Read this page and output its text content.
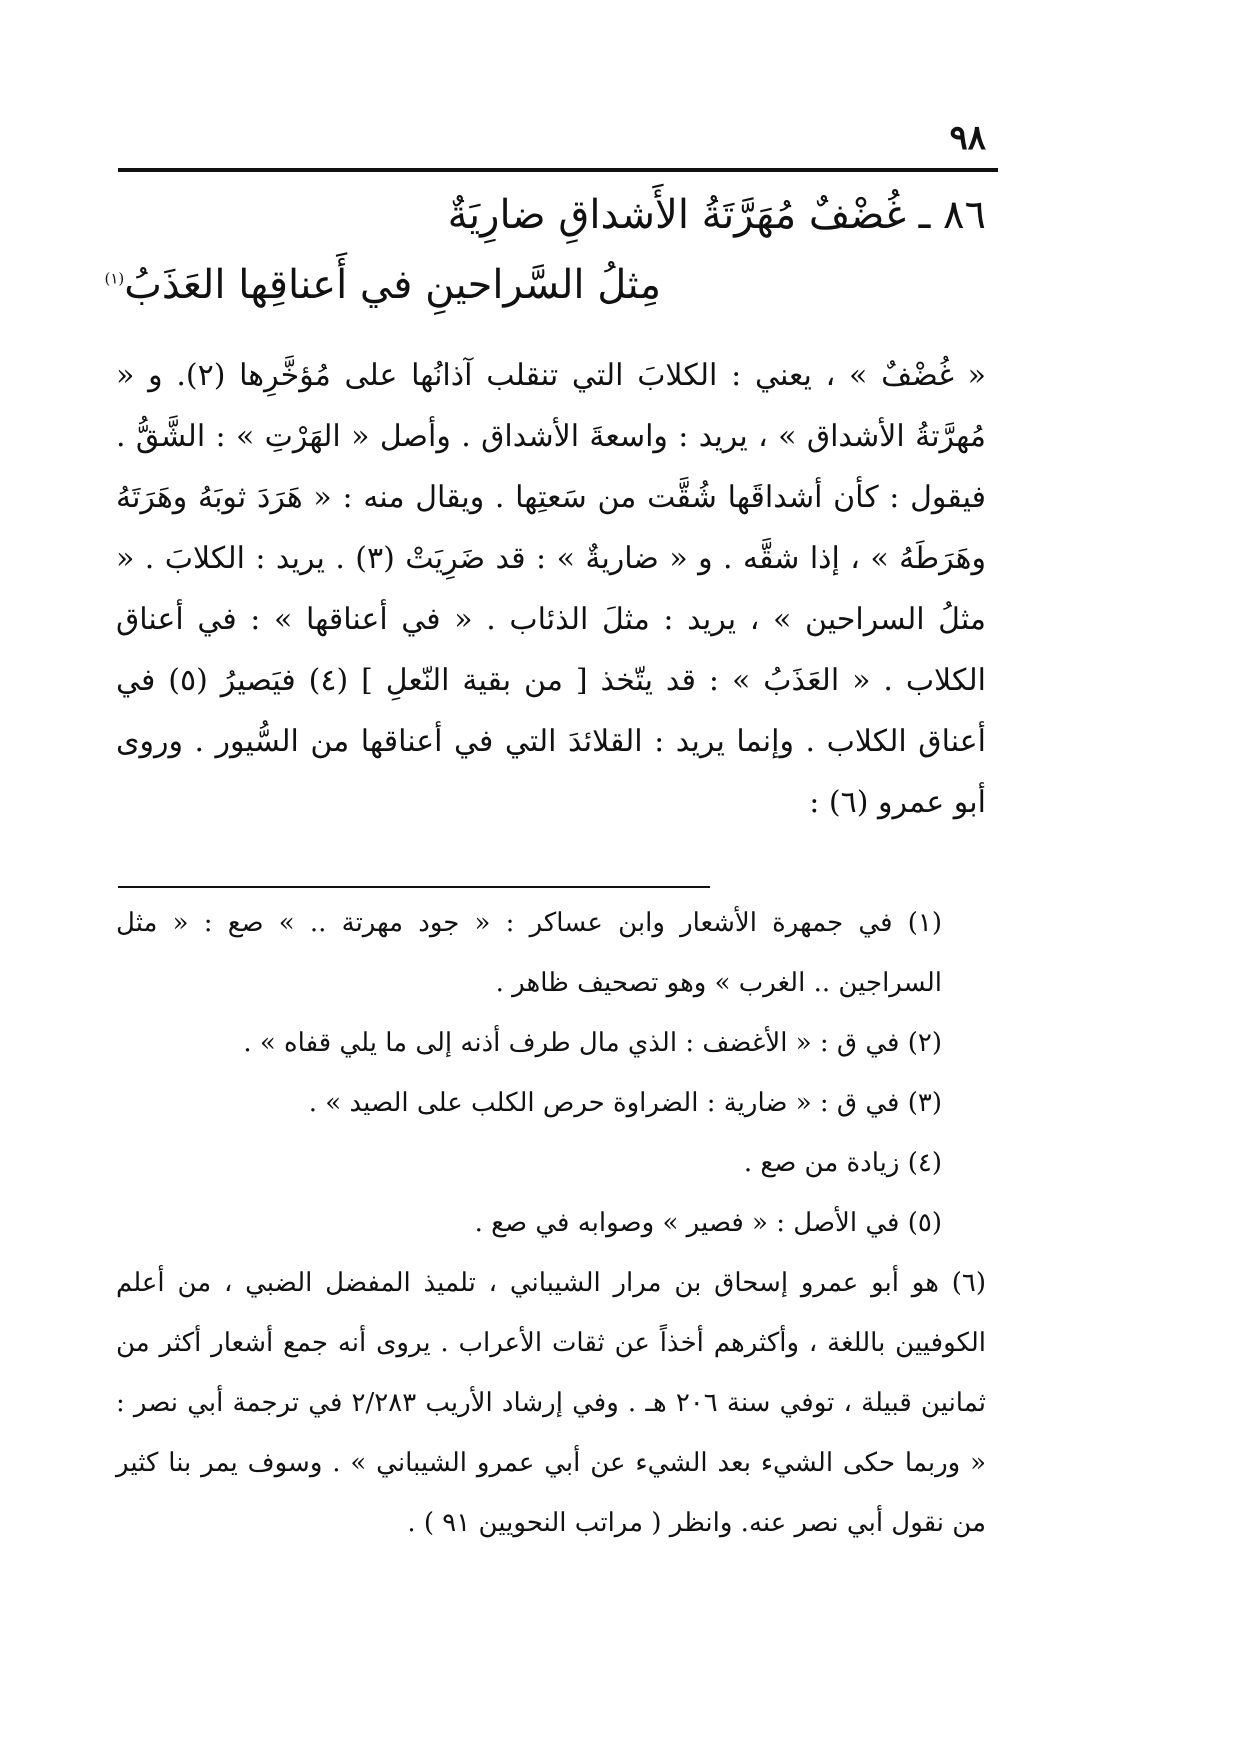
٩٨
٨٦ ـ غُضْفٌ مُهَرَّتَةُ الأَشداقِ ضارِيَةٌ
مِثلُ السَّراحينِ في أَعناقِها العَذَبُ$^{(١)}$

« غُضْفٌ » ، يعني : الكلابَ التي تنقلب آذانُها على مُؤخَّرِها (٢). و « مُهرَّتةُ الأشداق » ، يريد : واسعةَ الأشداق . وأصل « الهَرْتِ » : الشَّقُّ . فيقول : كأن أشداقَها شُقَّت من سَعتِها . ويقال منه : « هَرَدَ ثوبَهُ وهَرَتَهُ وهَرَطَهُ » ، إذا شقَّه . و « ضاريةٌ » : قد ضَرِيَتْ (٣) . يريد : الكلابَ . « مثلُ السراحين » ، يريد : مثلَ الذئاب . « في أعناقها » : في أعناق الكلاب . « العَذَبُ » : قد يتّخذ [ من بقية النّعلِ ] (٤) فيَصيرُ (٥) في أعناق الكلاب . وإنما يريد : القلائدَ التي في أعناقها من السُّيور . وروى أبو عمرو (٦) :

(١) في جمهرة الأشعار وابن عساكر : « جود مهرتة .. » صع : « مثل السراجين .. الغرب » وهو تصحيف ظاهر .

(٢) في ق : « الأغضف : الذي مال طرف أذنه إلى ما يلي قفاه » .

(٣) في ق : « ضارية : الضراوة حرص الكلب على الصيد » .

(٤) زيادة من صع .

(٥) في الأصل : « فصير » وصوابه في صع .

(٦) هو أبو عمرو إسحاق بن مرار الشيباني ، تلميذ المفضل الضبي ، من أعلم الكوفيين باللغة ، وأكثرهم أخذاً عن ثقات الأعراب . يروى أنه جمع أشعار أكثر من ثمانين قبيلة ، توفي سنة ٢٠٦ هـ . وفي إرشاد الأريب ٢/٢٨٣ في ترجمة أبي نصر : « وربما حكى الشيء بعد الشيء عن أبي عمرو الشيباني » . وسوف يمر بنا كثير من نقول أبي نصر عنه. وانظر ( مراتب النحويين ٩١ ) .
